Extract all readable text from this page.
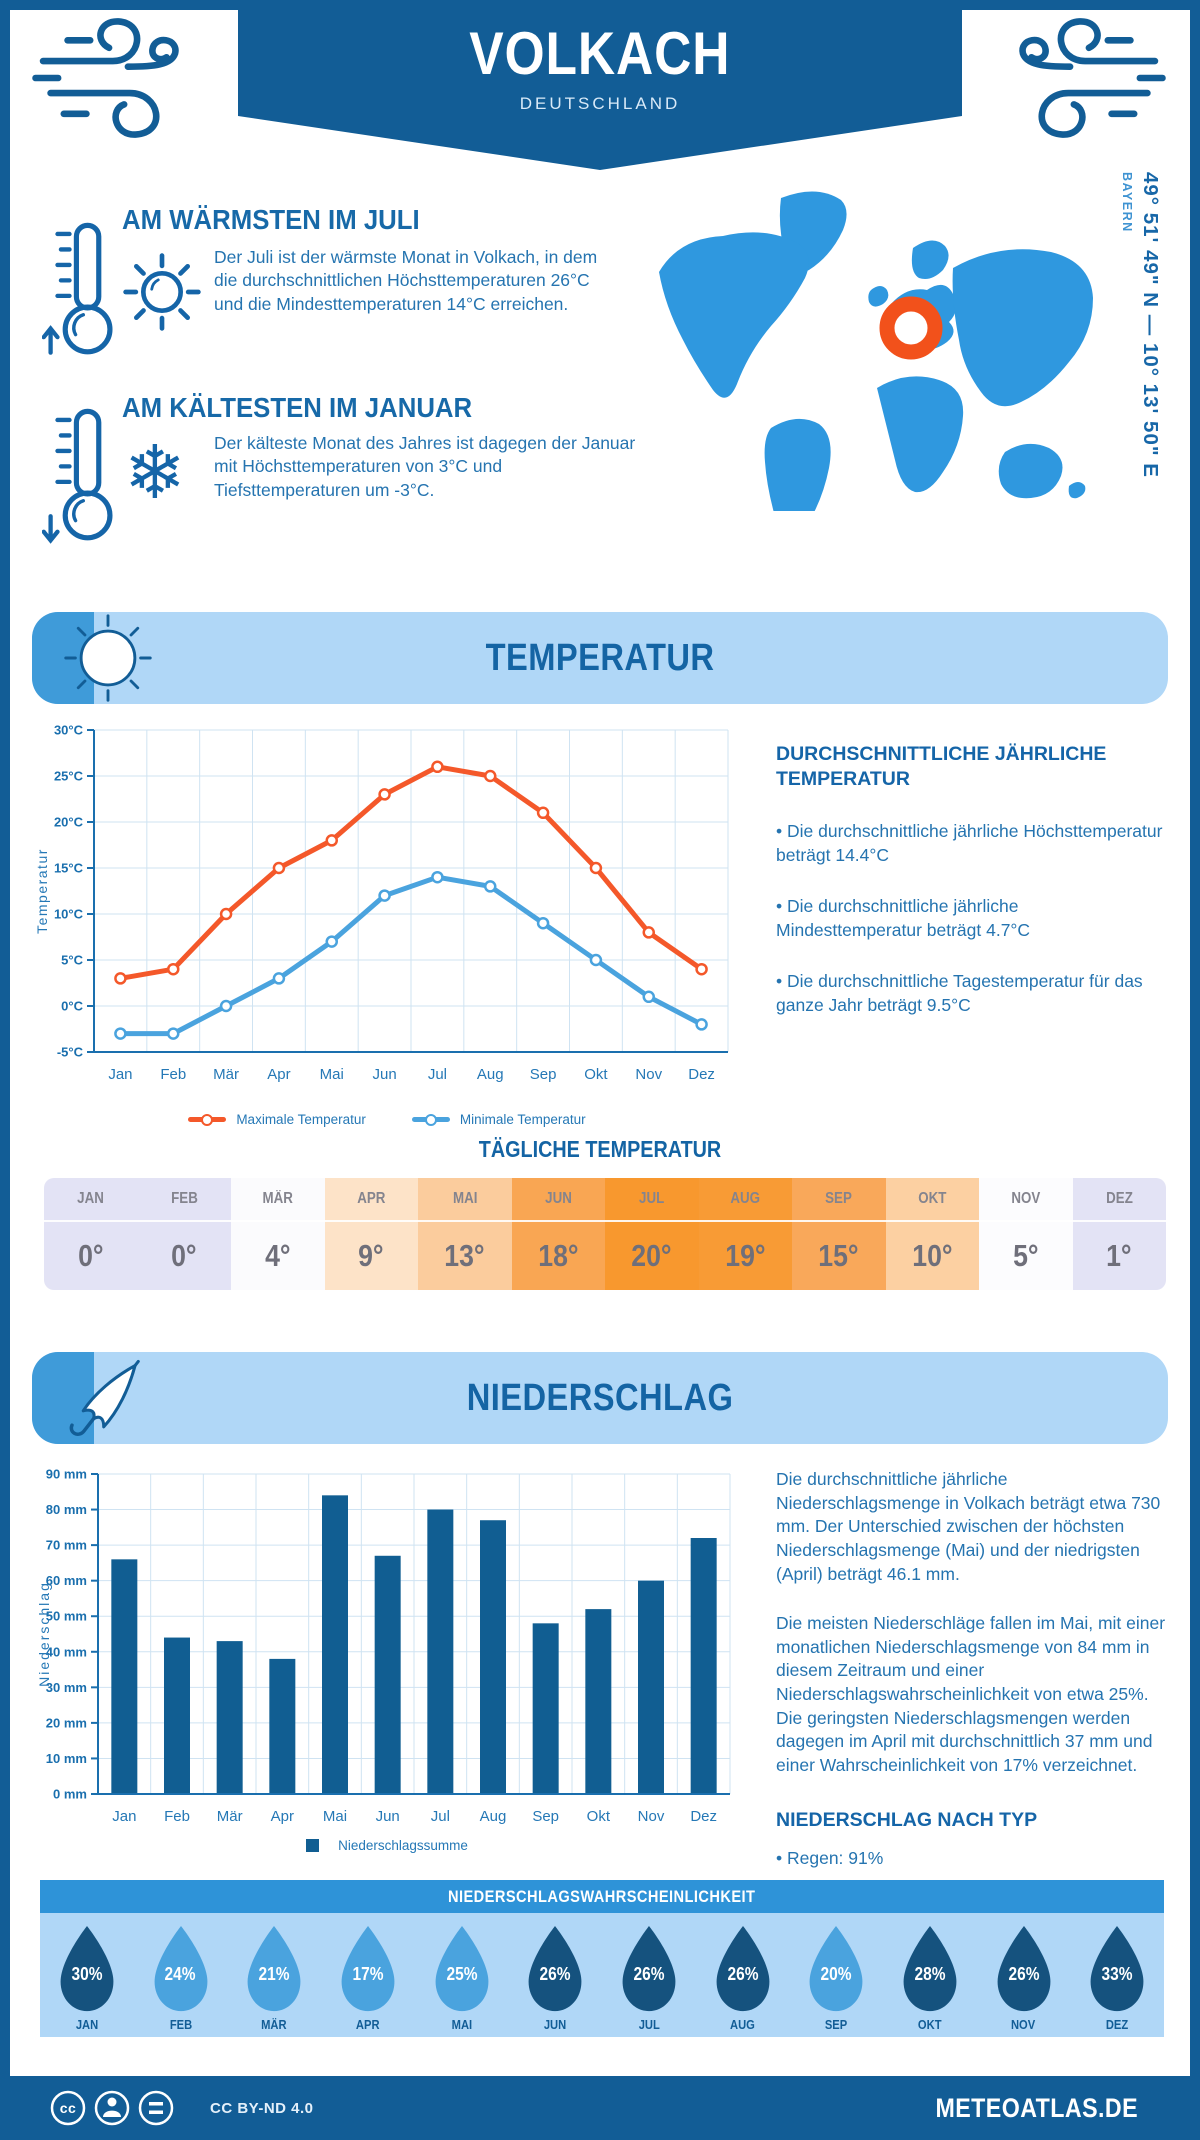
VOLKACH
DEUTSCHLAND
AM WÄRMSTEN IM JULI
Der Juli ist der wärmste Monat in Volkach, in dem die durchschnittlichen Höchsttemperaturen 26°C und die Mindesttemperaturen 14°C erreichen.
AM KÄLTESTEN IM JANUAR
❄ Der kälteste Monat des Jahres ist dagegen der Januar mit Höchsttemperaturen von 3°C und Tiefsttemperaturen um -3°C.
49° 51' 49" N — 10° 13' 50" E
BAYERN
TEMPERATUR
30°C
25°C
20°C
15°C
10°C
5°C
0°C
-5°C
Jan Feb Mär Apr Mai Jun Jul Aug Sep Okt Nov Dez
Temperatur
Maximale Temperatur	Minimale Temperatur
DURCHSCHNITTLICHE JÄHRLICHE TEMPERATUR
• Die durchschnittliche jährliche Höchsttemperatur beträgt 14.4°C
• Die durchschnittliche jährliche Mindesttemperatur beträgt 4.7°C
• Die durchschnittliche Tagestemperatur für das ganze Jahr beträgt 9.5°C
TÄGLICHE TEMPERATUR
JAN
0°
FEB
0°
MÄR
4°
APR
9°
MAI
13°
JUN
18°
JUL
20°
AUG
19°
SEP
15°
OKT
10°
NOV
5°
DEZ
1°
NIEDERSCHLAG
90 mm
80 mm
70 mm
60 mm
50 mm
40 mm
30 mm
20 mm
10 mm
0 mm
Jan Feb Mär Apr Mai Jun Jul Aug Sep Okt Nov Dez
Niederschlag
Niederschlagssumme
Die durchschnittliche jährliche Niederschlagsmenge in Volkach beträgt etwa 730 mm. Der Unterschied zwischen der höchsten Niederschlagsmenge (Mai) und der niedrigsten (April) beträgt 46.1 mm.
Die meisten Niederschläge fallen im Mai, mit einer monatlichen Niederschlagsmenge von 84 mm in diesem Zeitraum und einer Niederschlagswahrscheinlichkeit von etwa 25%. Die geringsten Niederschlagsmengen werden dagegen im April mit durchschnittlich 37 mm und einer Wahrscheinlichkeit von 17% verzeichnet.
NIEDERSCHLAG NACH TYP
• Regen: 91%
NIEDERSCHLAGSWAHRSCHEINLICHKEIT
30%
JAN
24%
FEB
21%
MÄR
17%
APR
25%
MAI
26%
JUN
26%
JUL
26%
AUG
20%
SEP
28%
OKT
26%
NOV
33%
DEZ
cc	CC BY-ND 4.0	METEOATLAS.DE
